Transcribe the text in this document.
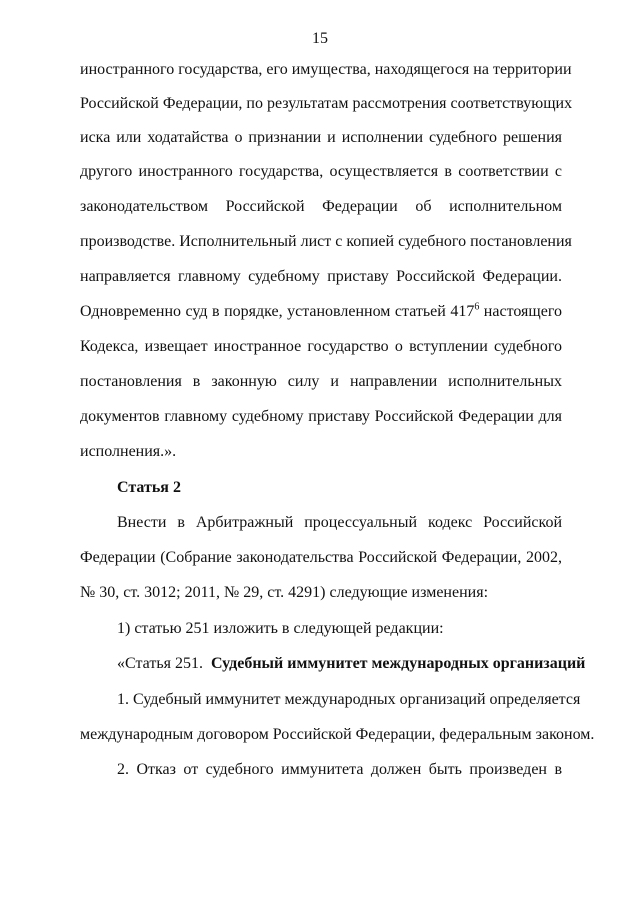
15
иностранного государства, его имущества, находящегося на территории
Российской Федерации, по результатам рассмотрения соответствующих
иска или ходатайства о признании и исполнении судебного решения
другого иностранного государства, осуществляется в соответствии с
законодательством Российской Федерации об исполнительном
производстве. Исполнительный лист с копией судебного постановления
направляется главному судебному приставу Российской Федерации.
Одновременно суд в порядке, установленном статьей $417^6$ настоящего
Кодекса, извещает иностранное государство о вступлении судебного
постановления в законную силу и направлении исполнительных
документов главному судебному приставу Российской Федерации для
исполнения.».
Статья 2
Внести в Арбитражный процессуальный кодекс Российской
Федерации (Собрание законодательства Российской Федерации, 2002,
№ 30, ст. 3012; 2011, № 29, ст. 4291) следующие изменения:
1) статью 251 изложить в следующей редакции:
«Статья 251. Судебный иммунитет международных организаций
1. Судебный иммунитет международных организаций определяется
международным договором Российской Федерации, федеральным законом.
2. Отказ от судебного иммунитета должен быть произведен в
